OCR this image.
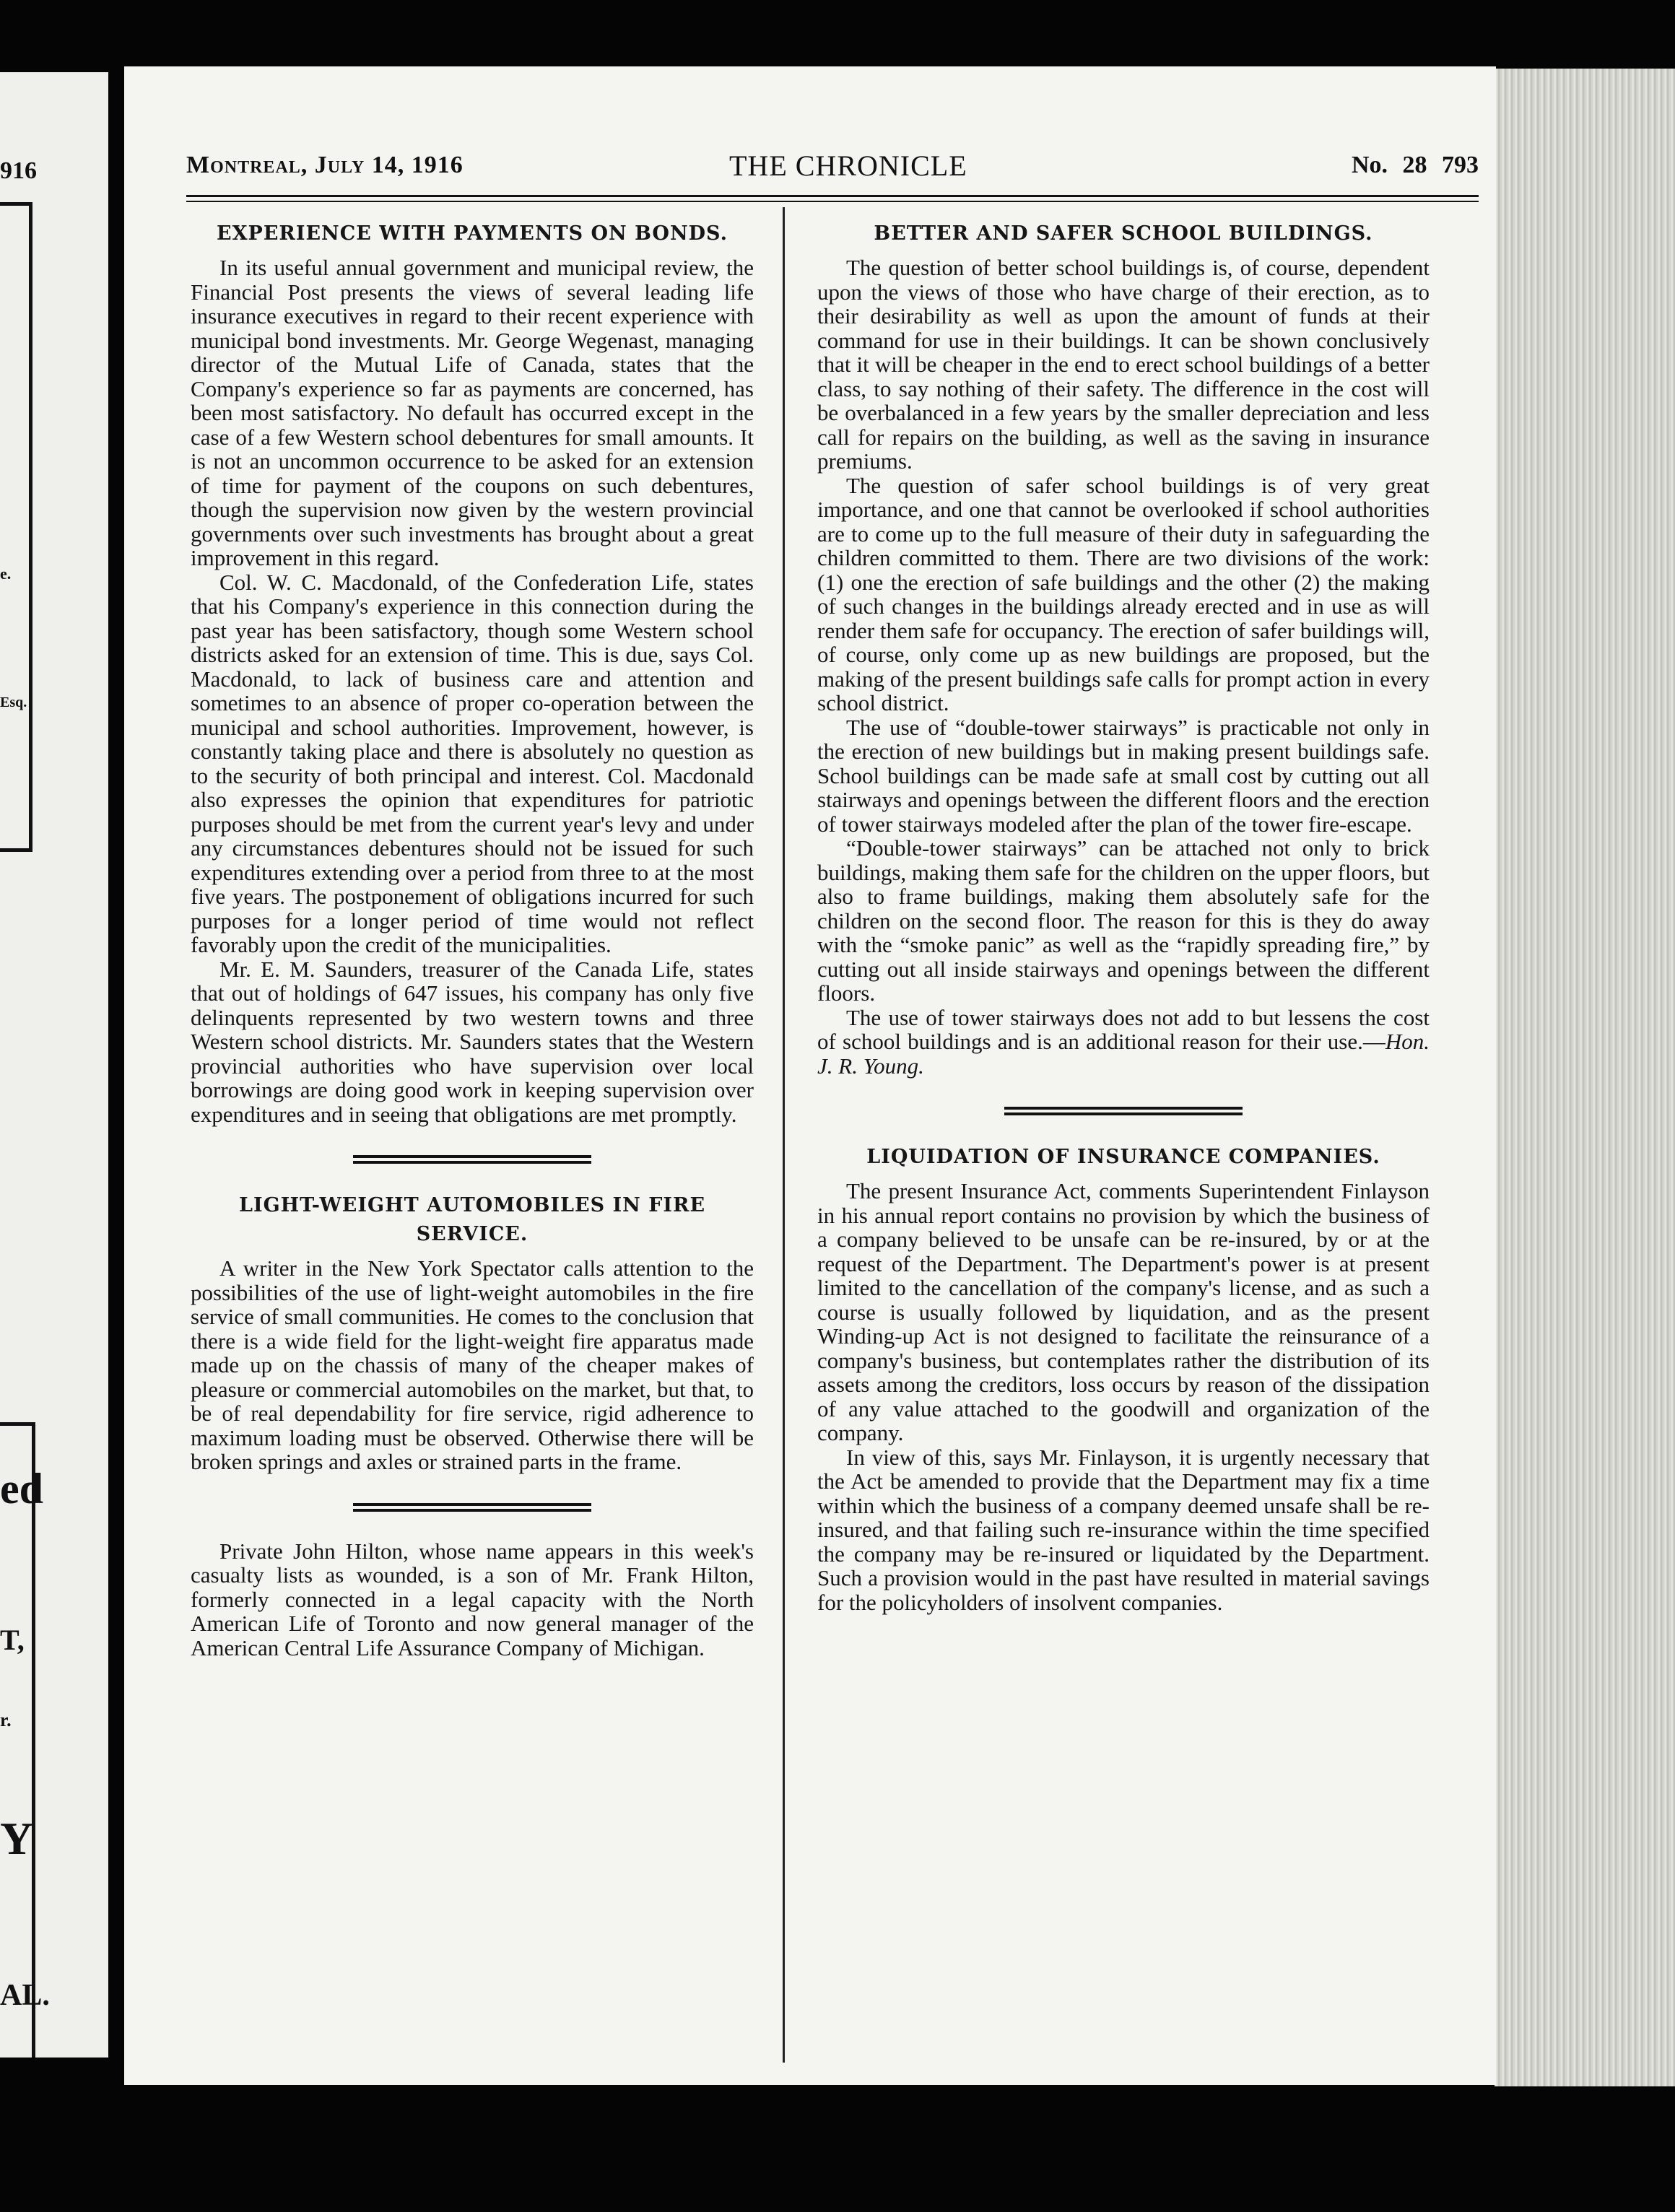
916
e.
Esq.
ed
T,
r.
Y
AL.
Montreal, July 14, 1916	THE CHRONICLE	No. 28 793
EXPERIENCE WITH PAYMENTS ON BONDS.

In its useful annual government and municipal review, the Financial Post presents the views of several leading life insurance executives in regard to their recent experience with municipal bond investments. Mr. George Wegenast, managing director of the Mutual Life of Canada, states that the Company's experience so far as payments are concerned, has been most satisfactory. No default has occurred except in the case of a few Western school debentures for small amounts. It is not an uncommon occurrence to be asked for an extension of time for payment of the coupons on such debentures, though the supervision now given by the western provincial governments over such investments has brought about a great improvement in this regard.

Col. W. C. Macdonald, of the Confederation Life, states that his Company's experience in this connection during the past year has been satisfactory, though some Western school districts asked for an extension of time. This is due, says Col. Macdonald, to lack of business care and attention and sometimes to an absence of proper co-operation between the municipal and school authorities. Improvement, however, is constantly taking place and there is absolutely no question as to the security of both principal and interest. Col. Macdonald also expresses the opinion that expenditures for patriotic purposes should be met from the current year's levy and under any circumstances debentures should not be issued for such expenditures extending over a period from three to at the most five years. The postponement of obligations incurred for such purposes for a longer period of time would not reflect favorably upon the credit of the municipalities.

Mr. E. M. Saunders, treasurer of the Canada Life, states that out of holdings of 647 issues, his company has only five delinquents represented by two western towns and three Western school districts. Mr. Saunders states that the Western provincial authorities who have supervision over local borrowings are doing good work in keeping supervision over expenditures and in seeing that obligations are met promptly.

LIGHT-WEIGHT AUTOMOBILES IN FIRE SERVICE.

A writer in the New York Spectator calls attention to the possibilities of the use of light-weight automobiles in the fire service of small communities. He comes to the conclusion that there is a wide field for the light-weight fire apparatus made made up on the chassis of many of the cheaper makes of pleasure or commercial automobiles on the market, but that, to be of real dependability for fire service, rigid adherence to maximum loading must be observed. Otherwise there will be broken springs and axles or strained parts in the frame.

Private John Hilton, whose name appears in this week's casualty lists as wounded, is a son of Mr. Frank Hilton, formerly connected in a legal capacity with the North American Life of Toronto and now general manager of the American Central Life Assurance Company of Michigan.

BETTER AND SAFER SCHOOL BUILDINGS.

The question of better school buildings is, of course, dependent upon the views of those who have charge of their erection, as to their desirability as well as upon the amount of funds at their command for use in their buildings. It can be shown conclusively that it will be cheaper in the end to erect school buildings of a better class, to say nothing of their safety. The difference in the cost will be overbalanced in a few years by the smaller depreciation and less call for repairs on the building, as well as the saving in insurance premiums.

The question of safer school buildings is of very great importance, and one that cannot be overlooked if school authorities are to come up to the full measure of their duty in safeguarding the children committed to them. There are two divisions of the work: (1) one the erection of safe buildings and the other (2) the making of such changes in the buildings already erected and in use as will render them safe for occupancy. The erection of safer buildings will, of course, only come up as new buildings are proposed, but the making of the present buildings safe calls for prompt action in every school district.

The use of “double-tower stairways” is practicable not only in the erection of new buildings but in making present buildings safe. School buildings can be made safe at small cost by cutting out all stairways and openings between the different floors and the erection of tower stairways modeled after the plan of the tower fire-escape.

“Double-tower stairways” can be attached not only to brick buildings, making them safe for the children on the upper floors, but also to frame buildings, making them absolutely safe for the children on the second floor. The reason for this is they do away with the “smoke panic” as well as the “rapidly spreading fire,” by cutting out all inside stairways and openings between the different floors.

The use of tower stairways does not add to but lessens the cost of school buildings and is an additional reason for their use.—Hon. J. R. Young.

LIQUIDATION OF INSURANCE COMPANIES.

The present Insurance Act, comments Superintendent Finlayson in his annual report contains no provision by which the business of a company believed to be unsafe can be re-insured, by or at the request of the Department. The Department's power is at present limited to the cancellation of the company's license, and as such a course is usually followed by liquidation, and as the present Winding-up Act is not designed to facilitate the reinsurance of a company's business, but contemplates rather the distribution of its assets among the creditors, loss occurs by reason of the dissipation of any value attached to the goodwill and organization of the company.

In view of this, says Mr. Finlayson, it is urgently necessary that the Act be amended to provide that the Department may fix a time within which the business of a company deemed unsafe shall be re-insured, and that failing such re-insurance within the time specified the company may be re-insured or liquidated by the Department. Such a provision would in the past have resulted in material savings for the policyholders of insolvent companies.
